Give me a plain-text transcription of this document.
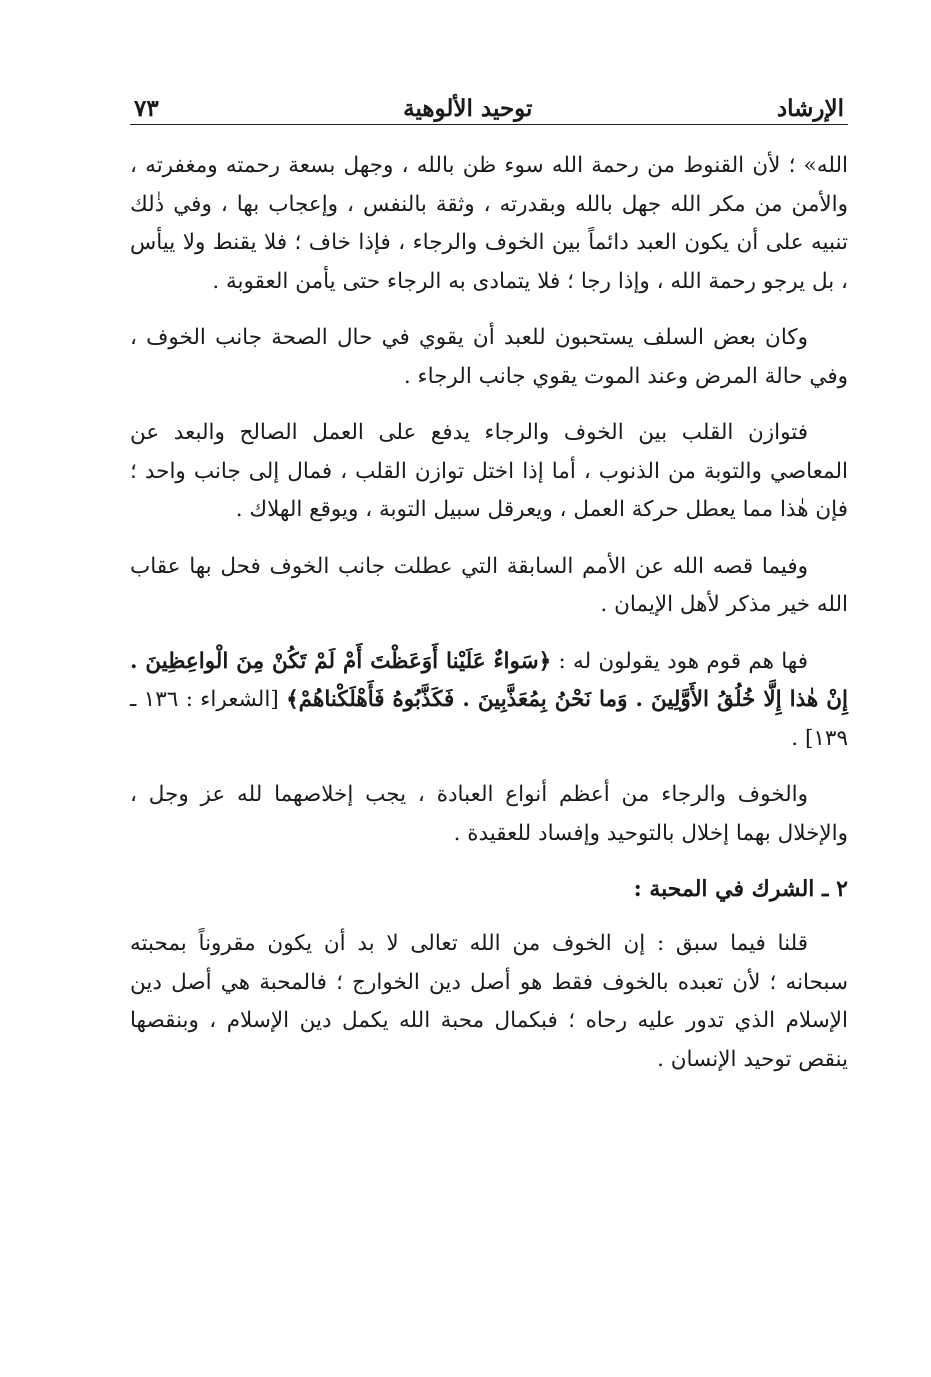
الإرشاد
توحيد الألوهية
٧٣

الله» ؛ لأن القنوط من رحمة الله سوء ظن بالله ، وجهل بسعة رحمته ومغفرته ، والأمن من مكر الله جهل بالله وبقدرته ، وثقة بالنفس ، وإعجاب بها ، وفي ذٰلك تنبيه على أن يكون العبد دائماً بين الخوف والرجاء ، فإذا خاف ؛ فلا يقنط ولا ييأس ، بل يرجو رحمة الله ، وإذا رجا ؛ فلا يتمادى به الرجاء حتى يأمن العقوبة .

وكان بعض السلف يستحبون للعبد أن يقوي في حال الصحة جانب الخوف ، وفي حالة المرض وعند الموت يقوي جانب الرجاء .

فتوازن القلب بين الخوف والرجاء يدفع على العمل الصالح والبعد عن المعاصي والتوبة من الذنوب ، أما إذا اختل توازن القلب ، فمال إلى جانب واحد ؛ فإن هٰذا مما يعطل حركة العمل ، ويعرقل سبيل التوبة ، ويوقع الهلاك .

وفيما قصه الله عن الأمم السابقة التي عطلت جانب الخوف فحل بها عقاب الله خير مذكر لأهل الإيمان .

فها هم قوم هود يقولون له : ﴿سَواءٌ عَلَيْنا أَوَعَظْتَ أَمْ لَمْ تَكُنْ مِنَ الْواعِظِينَ . إِنْ هٰذا إِلَّا خُلُقُ الأَوَّلِينَ . وَما نَحْنُ بِمُعَذَّبِينَ . فَكَذَّبُوهُ فَأَهْلَكْناهُمْ﴾ [الشعراء : ١٣٦ ـ ١٣٩] .

والخوف والرجاء من أعظم أنواع العبادة ، يجب إخلاصهما لله عز وجل ، والإخلال بهما إخلال بالتوحيد وإفساد للعقيدة .

٢ ـ الشرك في المحبة :

قلنا فيما سبق : إن الخوف من الله تعالى لا بد أن يكون مقروناً بمحبته سبحانه ؛ لأن تعبده بالخوف فقط هو أصل دين الخوارج ؛ فالمحبة هي أصل دين الإسلام الذي تدور عليه رحاه ؛ فبكمال محبة الله يكمل دين الإسلام ، وبنقصها ينقص توحيد الإنسان .
